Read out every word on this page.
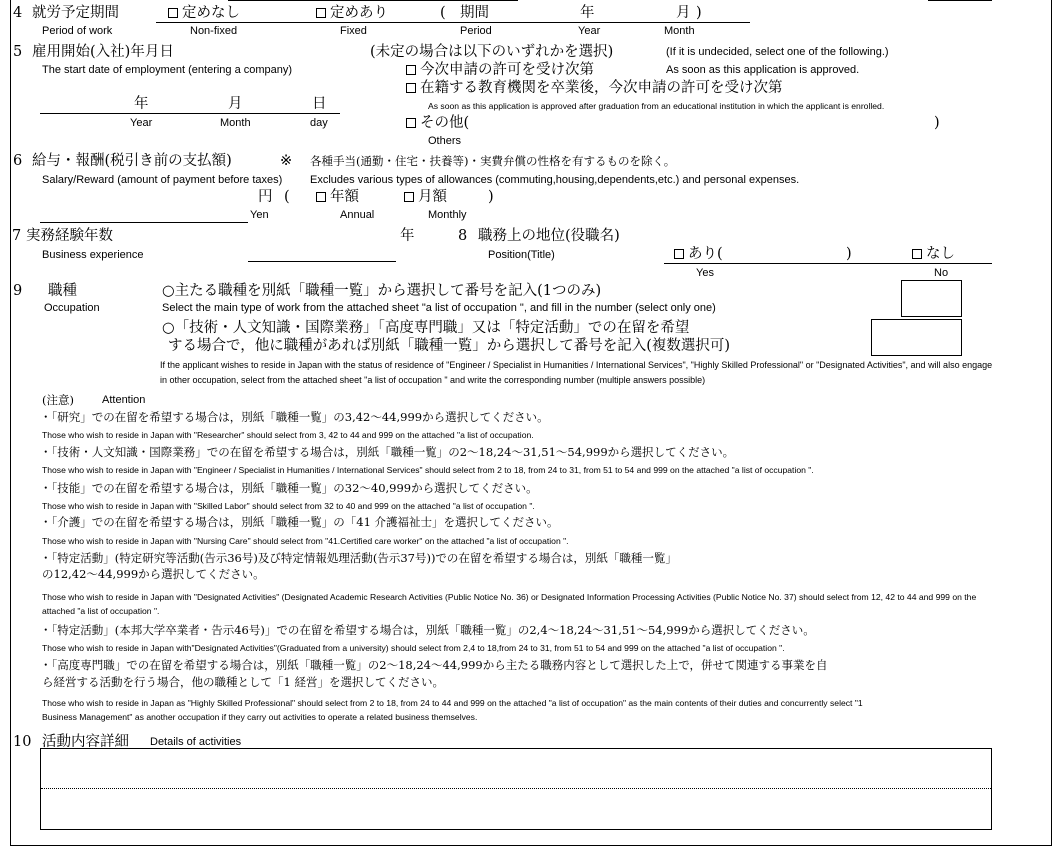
4 就労予定期間
Period of work
定めなし
Non-fixed
定めあり
Fixed
( 期間
Period
年
Year
月 )
Month
5 雇用開始(入社)年月日
The start date of employment (entering a company)
(未定の場合は以下のいずれかを選択)	(If it is undecided, select one of the following.)
今次申請の許可を受け次第	As soon as this application is approved.
在籍する教育機関を卒業後，今次申請の許可を受け次第
As soon as this application is approved after graduation from an educational institution in which the applicant is enrolled.
その他(	)
Others
年	月	日
Year	Month	day
6 給与・報酬(税引き前の支払額)
Salary/Reward (amount of payment before taxes)
※ 各種手当(通勤・住宅・扶養等)・実費弁償の性格を有するものを除く。
Excludes various types of allowances (commuting,housing,dependents,etc.) and personal expenses.
円 (	年額	月額	)
Yen	Annual	Monthly
7 実務経験年数
Business experience
年	8 職務上の地位(役職名)
Position(Title)	あり(	)	なし
Yes	No
9 職種
Occupation
○主たる職種を別紙「職種一覧」から選択して番号を記入(1つのみ)
Select the main type of work from the attached sheet "a list of occupation ", and fill in the number (select only one)
○「技術・人文知識・国際業務」「高度専門職」又は「特定活動」での在留を希望
する場合で，他に職種があれば別紙「職種一覧」から選択して番号を記入(複数選択可)
If the applicant wishes to reside in Japan with the status of residence of "Engineer / Specialist in Humanities / International Services", "Highly Skilled Professional" or "Designated Activities", and will also engage
in other occupation, select from the attached sheet "a list of occupation " and write the corresponding number (multiple answers possible)
(注意)	Attention
・「研究」での在留を希望する場合は，別紙「職種一覧」の3,42～44,999から選択してください。
Those who wish to reside in Japan with "Researcher" should select from 3, 42 to 44 and 999 on the attached "a list of occupation.
・「技術・人文知識・国際業務」での在留を希望する場合は，別紙「職種一覧」の2～18,24～31,51～54,999から選択してください。
Those who wish to reside in Japan with "Engineer / Specialist in Humanities / International Services" should select from 2 to 18, from 24 to 31, from 51 to 54 and 999 on the attached "a list of occupation ".
・「技能」での在留を希望する場合は，別紙「職種一覧」の32～40,999から選択してください。
Those who wish to reside in Japan with "Skilled Labor" should select from 32 to 40 and 999 on the attached "a list of occupation ".
・「介護」での在留を希望する場合は，別紙「職種一覧」の「41 介護福祉士」を選択してください。
Those who wish to reside in Japan with "Nursing Care" should select from "41.Certified care worker" on the attached "a list of occupation ".
・「特定活動」(特定研究等活動(告示36号)及び特定情報処理活動(告示37号))での在留を希望する場合は，別紙「職種一覧」
の12,42～44,999から選択してください。
Those who wish to reside in Japan with "Designated Activities" (Designated Academic Research Activities (Public Notice No. 36) or Designated Information Processing Activities (Public Notice No. 37) should select from 12, 42 to 44 and 999 on the
attached "a list of occupation ".
・「特定活動」(本邦大学卒業者・告示46号)」での在留を希望する場合は，別紙「職種一覧」の2,4～18,24～31,51～54,999から選択してください。
Those who wish to reside in Japan with"Designated Activities"(Graduated from a university) should select from 2,4 to 18,from 24 to 31, from 51 to 54 and 999 on the attached "a list of occupation ".
・「高度専門職」での在留を希望する場合は，別紙「職種一覧」の2～18,24～44,999から主たる職務内容として選択した上で，併せて関連する事業を自
ら経営する活動を行う場合，他の職種として「1 経営」を選択してください。
Those who wish to reside in Japan as "Highly Skilled Professional" should select from 2 to 18, from 24 to 44 and 999 on the attached "a list of occupation" as the main contents of their duties and concurrently select "1
Business Management" as another occupation if they carry out activities to operate a related business themselves.
10 活動内容詳細 Details of activities
